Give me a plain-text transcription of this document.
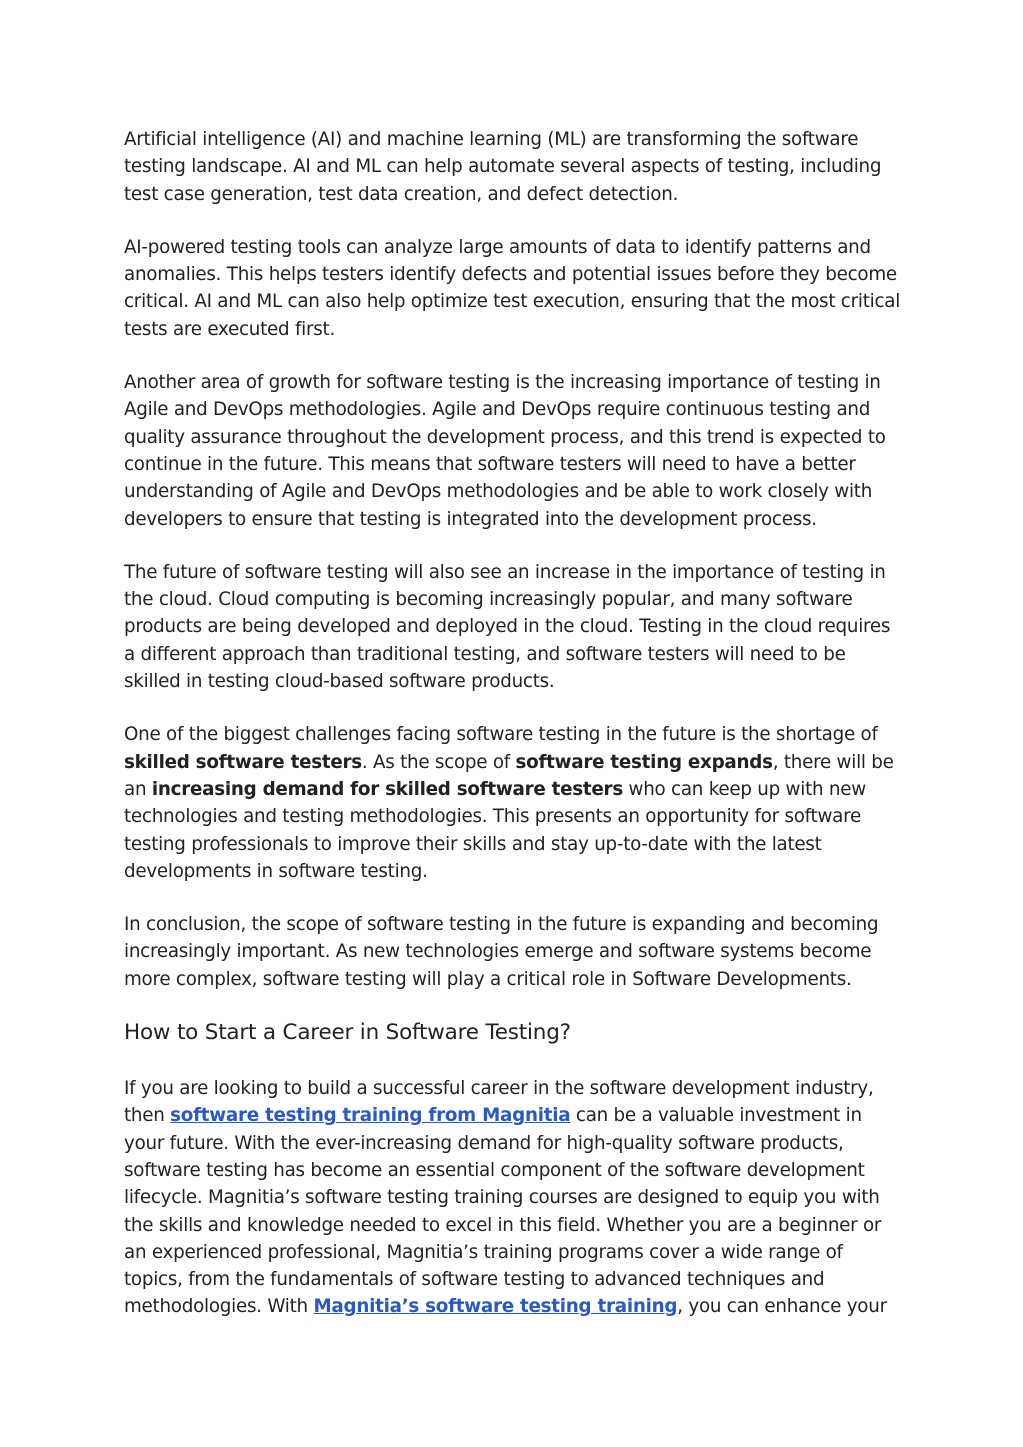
Artificial intelligence (AI) and machine learning (ML) are transforming the software testing landscape. AI and ML can help automate several aspects of testing, including test case generation, test data creation, and defect detection.

AI-powered testing tools can analyze large amounts of data to identify patterns and anomalies. This helps testers identify defects and potential issues before they become critical. AI and ML can also help optimize test execution, ensuring that the most critical tests are executed first.

Another area of growth for software testing is the increasing importance of testing in Agile and DevOps methodologies. Agile and DevOps require continuous testing and quality assurance throughout the development process, and this trend is expected to continue in the future. This means that software testers will need to have a better understanding of Agile and DevOps methodologies and be able to work closely with developers to ensure that testing is integrated into the development process.

The future of software testing will also see an increase in the importance of testing in the cloud. Cloud computing is becoming increasingly popular, and many software products are being developed and deployed in the cloud. Testing in the cloud requires a different approach than traditional testing, and software testers will need to be skilled in testing cloud-based software products.

One of the biggest challenges facing software testing in the future is the shortage of skilled software testers. As the scope of software testing expands, there will be an increasing demand for skilled software testers who can keep up with new technologies and testing methodologies. This presents an opportunity for software testing professionals to improve their skills and stay up-to-date with the latest developments in software testing.

In conclusion, the scope of software testing in the future is expanding and becoming increasingly important. As new technologies emerge and software systems become more complex, software testing will play a critical role in Software Developments.

How to Start a Career in Software Testing?

If you are looking to build a successful career in the software development industry, then software testing training from Magnitia can be a valuable investment in your future. With the ever-increasing demand for high-quality software products, software testing has become an essential component of the software development lifecycle. Magnitia’s software testing training courses are designed to equip you with the skills and knowledge needed to excel in this field. Whether you are a beginner or an experienced professional, Magnitia’s training programs cover a wide range of topics, from the fundamentals of software testing to advanced techniques and methodologies. With Magnitia’s software testing training, you can enhance your
